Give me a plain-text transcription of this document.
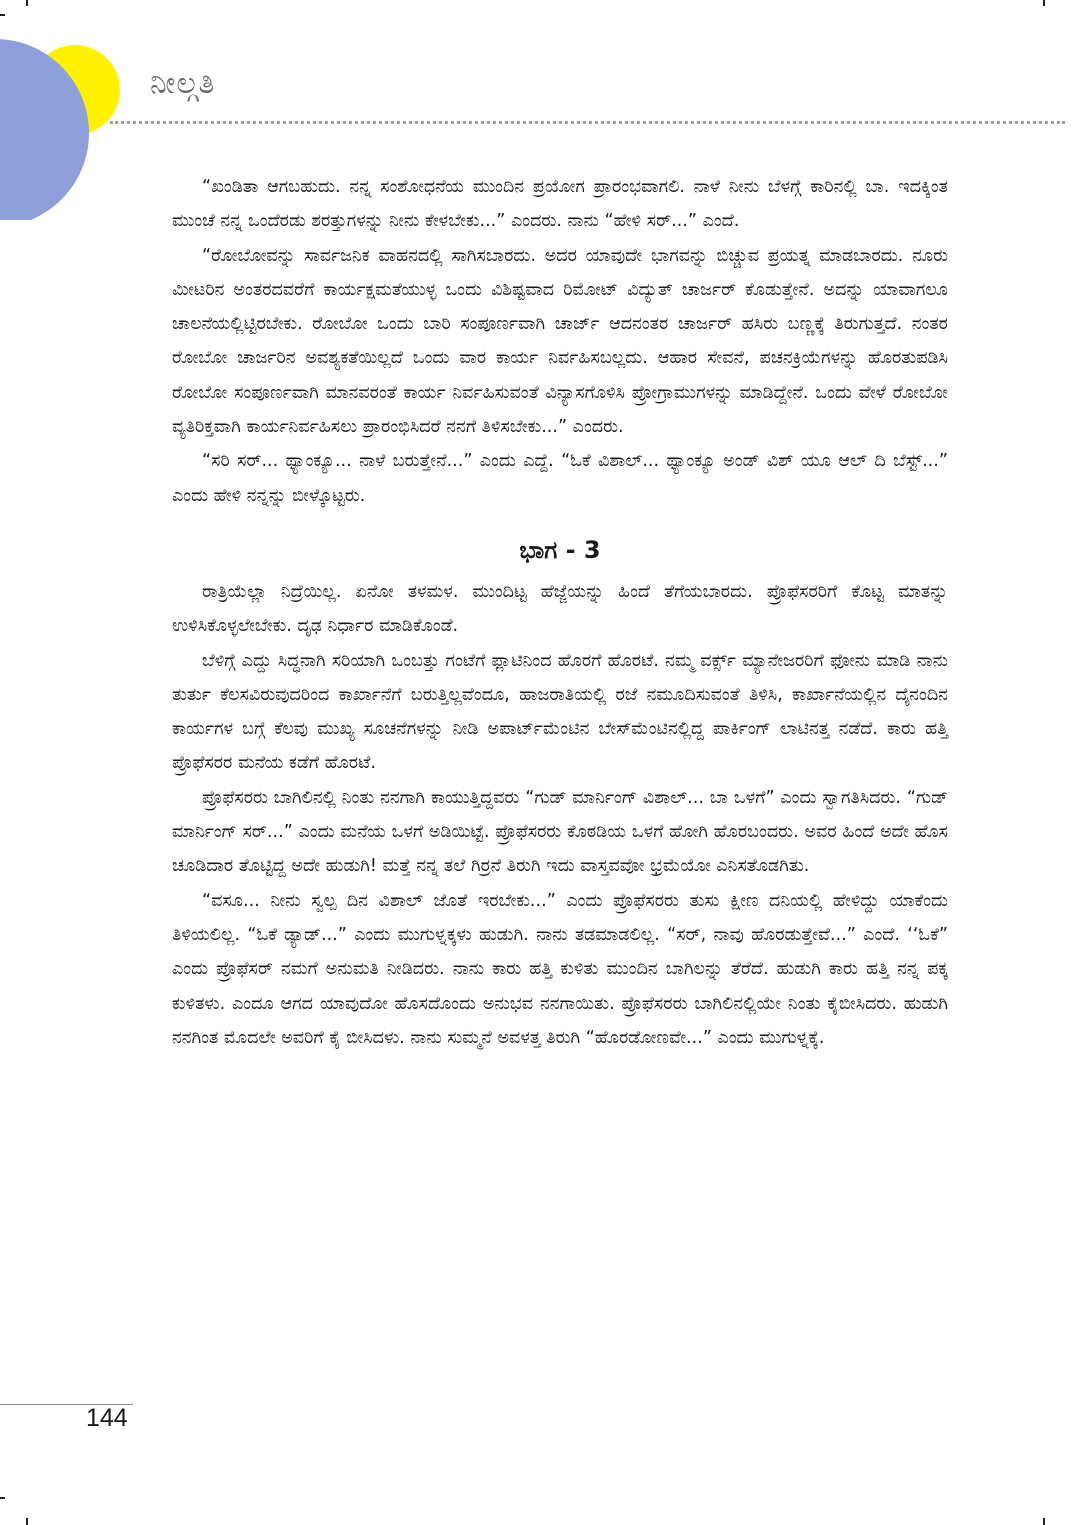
ನೀಲ್ಗತಿ

“ಖಂಡಿತಾ ಆಗಬಹುದು. ನನ್ನ ಸಂಶೋಧನೆಯ ಮುಂದಿನ ಪ್ರಯೋಗ ಪ್ರಾರಂಭವಾಗಲಿ. ನಾಳೆ ನೀನು ಬೆಳಗ್ಗೆ ಕಾರಿನಲ್ಲಿ ಬಾ. ಇದಕ್ಕಿಂತ ಮುಂಚೆ ನನ್ನ ಒಂದೆರಡು ಶರತ್ತುಗಳನ್ನು ನೀನು ಕೇಳಬೇಕು...” ಎಂದರು. ನಾನು “ಹೇಳಿ ಸರ್...” ಎಂದೆ.

“ರೋಬೋವನ್ನು ಸಾರ್ವಜನಿಕ ವಾಹನದಲ್ಲಿ ಸಾಗಿಸಬಾರದು. ಅದರ ಯಾವುದೇ ಭಾಗವನ್ನು ಬಿಚ್ಚುವ ಪ್ರಯತ್ನ ಮಾಡಬಾರದು. ನೂರು ಮೀಟರಿನ ಅಂತರದವರೆಗೆ ಕಾರ್ಯಕ್ಷಮತೆಯುಳ್ಳ ಒಂದು ವಿಶಿಷ್ಟವಾದ ರಿಮೋಟ್ ವಿದ್ಯುತ್ ಚಾರ್ಜರ್ ಕೊಡುತ್ತೇನೆ. ಅದನ್ನು ಯಾವಾಗಲೂ ಚಾಲನೆಯಲ್ಲಿಟ್ಟಿರಬೇಕು. ರೋಬೋ ಒಂದು ಬಾರಿ ಸಂಪೂರ್ಣವಾಗಿ ಚಾರ್ಜ್ ಆದನಂತರ ಚಾರ್ಜರ್ ಹಸಿರು ಬಣ್ಣಕ್ಕೆ ತಿರುಗುತ್ತದೆ. ನಂತರ ರೋಬೋ ಚಾರ್ಜರಿನ ಅವಶ್ಯಕತೆಯಿಲ್ಲದೆ ಒಂದು ವಾರ ಕಾರ್ಯ ನಿರ್ವಹಿಸಬಲ್ಲದು. ಆಹಾರ ಸೇವನೆ, ಪಚನಕ್ರಿಯೆಗಳನ್ನು ಹೊರತುಪಡಿಸಿ ರೋಬೋ ಸಂಪೂರ್ಣವಾಗಿ ಮಾನವರಂತೆ ಕಾರ್ಯ ನಿರ್ವಹಿಸುವಂತೆ ವಿನ್ಯಾಸಗೊಳಿಸಿ ಪ್ರೋಗ್ರಾಮುಗಳನ್ನು ಮಾಡಿದ್ದೇನೆ. ಒಂದು ವೇಳೆ ರೋಬೋ ವ್ಯತಿರಿಕ್ತವಾಗಿ ಕಾರ್ಯನಿರ್ವಹಿಸಲು ಪ್ರಾರಂಭಿಸಿದರೆ ನನಗೆ ತಿಳಿಸಬೇಕು...” ಎಂದರು.

“ಸರಿ ಸರ್... ಥ್ಯಾಂಕ್ಯೂ... ನಾಳೆ ಬರುತ್ತೇನೆ...” ಎಂದು ಎದ್ದೆ. “ಓಕೆ ವಿಶಾಲ್... ಥ್ಯಾಂಕ್ಯೂ ಅಂಡ್ ವಿಶ್ ಯೂ ಆಲ್ ದಿ ಬೆಸ್ಟ್...” ಎಂದು ಹೇಳಿ ನನ್ನನ್ನು ಬೀಳ್ಕೊಟ್ಟರು.

ಭಾಗ - 3

ರಾತ್ರಿಯೆಲ್ಲಾ ನಿದ್ರೆಯಿಲ್ಲ. ಏನೋ ತಳಮಳ. ಮುಂದಿಟ್ಟ ಹೆಜ್ಜೆಯನ್ನು ಹಿಂದೆ ತೆಗೆಯಬಾರದು. ಪ್ರೊಫೆಸರರಿಗೆ ಕೊಟ್ಟ ಮಾತನ್ನು ಉಳಿಸಿಕೊಳ್ಳಲೇಬೇಕು. ದೃಢ ನಿರ್ಧಾರ ಮಾಡಿಕೊಂಡೆ.

ಬೆಳಿಗ್ಗೆ ಎದ್ದು ಸಿದ್ಧನಾಗಿ ಸರಿಯಾಗಿ ಒಂಬತ್ತು ಗಂಟೆಗೆ ಫ್ಲಾಟಿನಿಂದ ಹೊರಗೆ ಹೊರಟೆ. ನಮ್ಮ ವರ್ಕ್ಸ್ ಮ್ಯಾನೇಜರರಿಗೆ ಫೋನು ಮಾಡಿ ನಾನು ತುರ್ತು ಕೆಲಸವಿರುವುದರಿಂದ ಕಾರ್ಖಾನೆಗೆ ಬರುತ್ತಿಲ್ಲವೆಂದೂ, ಹಾಜರಾತಿಯಲ್ಲಿ ರಜೆ ನಮೂದಿಸುವಂತೆ ತಿಳಿಸಿ, ಕಾರ್ಖಾನೆಯಲ್ಲಿನ ದೈನಂದಿನ ಕಾರ್ಯಗಳ ಬಗ್ಗೆ ಕೆಲವು ಮುಖ್ಯ ಸೂಚನೆಗಳನ್ನು ನೀಡಿ ಅಪಾರ್ಟ್‌ಮೆಂಟಿನ ಬೇಸ್‌ಮೆಂಟಿನಲ್ಲಿದ್ದ ಪಾರ್ಕಿಂಗ್ ಲಾಟಿನತ್ತ ನಡೆದೆ. ಕಾರು ಹತ್ತಿ ಪ್ರೊಫೆಸರರ ಮನೆಯ ಕಡೆಗೆ ಹೊರಟೆ.

ಪ್ರೊಫೆಸರರು ಬಾಗಿಲಿನಲ್ಲಿ ನಿಂತು ನನಗಾಗಿ ಕಾಯುತ್ತಿದ್ದವರು “ಗುಡ್ ಮಾರ್ನಿಂಗ್ ವಿಶಾಲ್... ಬಾ ಒಳಗೆ” ಎಂದು ಸ್ವಾಗತಿಸಿದರು. “ಗುಡ್ ಮಾರ್ನಿಂಗ್ ಸರ್...” ಎಂದು ಮನೆಯ ಒಳಗೆ ಅಡಿಯಿಟ್ಟೆ. ಪ್ರೊಫೆಸರರು ಕೊಠಡಿಯ ಒಳಗೆ ಹೋಗಿ ಹೊರಬಂದರು. ಅವರ ಹಿಂದೆ ಅದೇ ಹೊಸ ಚೂಡಿದಾರ ತೊಟ್ಟಿದ್ದ ಅದೇ ಹುಡುಗಿ! ಮತ್ತೆ ನನ್ನ ತಲೆ ಗಿರ್ರನೆ ತಿರುಗಿ ಇದು ವಾಸ್ತವವೋ ಭ್ರಮೆಯೋ ಎನಿಸತೊಡಗಿತು.

“ವಸೂ... ನೀನು ಸ್ವಲ್ಪ ದಿನ ವಿಶಾಲ್ ಜೊತೆ ಇರಬೇಕು...” ಎಂದು ಪ್ರೊಫೆಸರರು ತುಸು ಕ್ಷೀಣ ದನಿಯಲ್ಲಿ ಹೇಳಿದ್ದು ಯಾಕೆಂದು ತಿಳಿಯಲಿಲ್ಲ. “ಓಕೆ ಡ್ಯಾಡ್...” ಎಂದು ಮುಗುಳ್ನಕ್ಕಳು ಹುಡುಗಿ. ನಾನು ತಡಮಾಡಲಿಲ್ಲ. “ಸರ್, ನಾವು ಹೊರಡುತ್ತೇವೆ...” ಎಂದೆ. ‘‘ಓಕೆ” ಎಂದು ಪ್ರೊಫೆಸರ್ ನಮಗೆ ಅನುಮತಿ ನೀಡಿದರು. ನಾನು ಕಾರು ಹತ್ತಿ ಕುಳಿತು ಮುಂದಿನ ಬಾಗಿಲನ್ನು ತೆರೆದೆ. ಹುಡುಗಿ ಕಾರು ಹತ್ತಿ ನನ್ನ ಪಕ್ಕ ಕುಳಿತಳು. ಎಂದೂ ಆಗದ ಯಾವುದೋ ಹೊಸದೊಂದು ಅನುಭವ ನನಗಾಯಿತು. ಪ್ರೊಫೆಸರರು ಬಾಗಿಲಿನಲ್ಲಿಯೇ ನಿಂತು ಕೈಬೀಸಿದರು. ಹುಡುಗಿ ನನಗಿಂತ ಮೊದಲೇ ಅವರಿಗೆ ಕೈ ಬೀಸಿದಳು. ನಾನು ಸುಮ್ಮನೆ ಅವಳತ್ತ ತಿರುಗಿ “ಹೊರಡೋಣವೇ...” ಎಂದು ಮುಗುಳ್ನಕ್ಕೆ.

144
